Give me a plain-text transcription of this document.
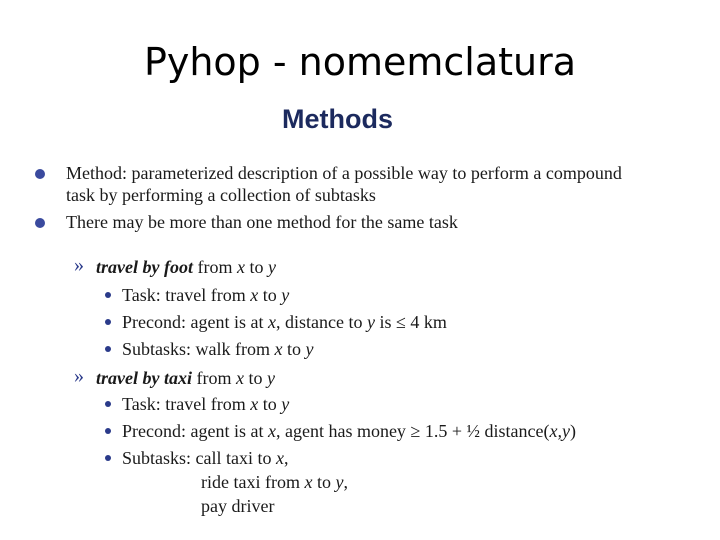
Pyhop - nomemclatura
Methods
Method: parameterized description of a possible way to perform a compound
task by performing a collection of subtasks
There may be more than one method for the same task
» travel by foot from x to y
Task: travel from x to y
Precond: agent is at x, distance to y is ≤ 4 km
Subtasks: walk from x to y
» travel by taxi from x to y
Task: travel from x to y
Precond: agent is at x, agent has money ≥ 1.5 + ½ distance(x,y)
Subtasks: call taxi to x,
ride taxi from x to y,
pay driver
